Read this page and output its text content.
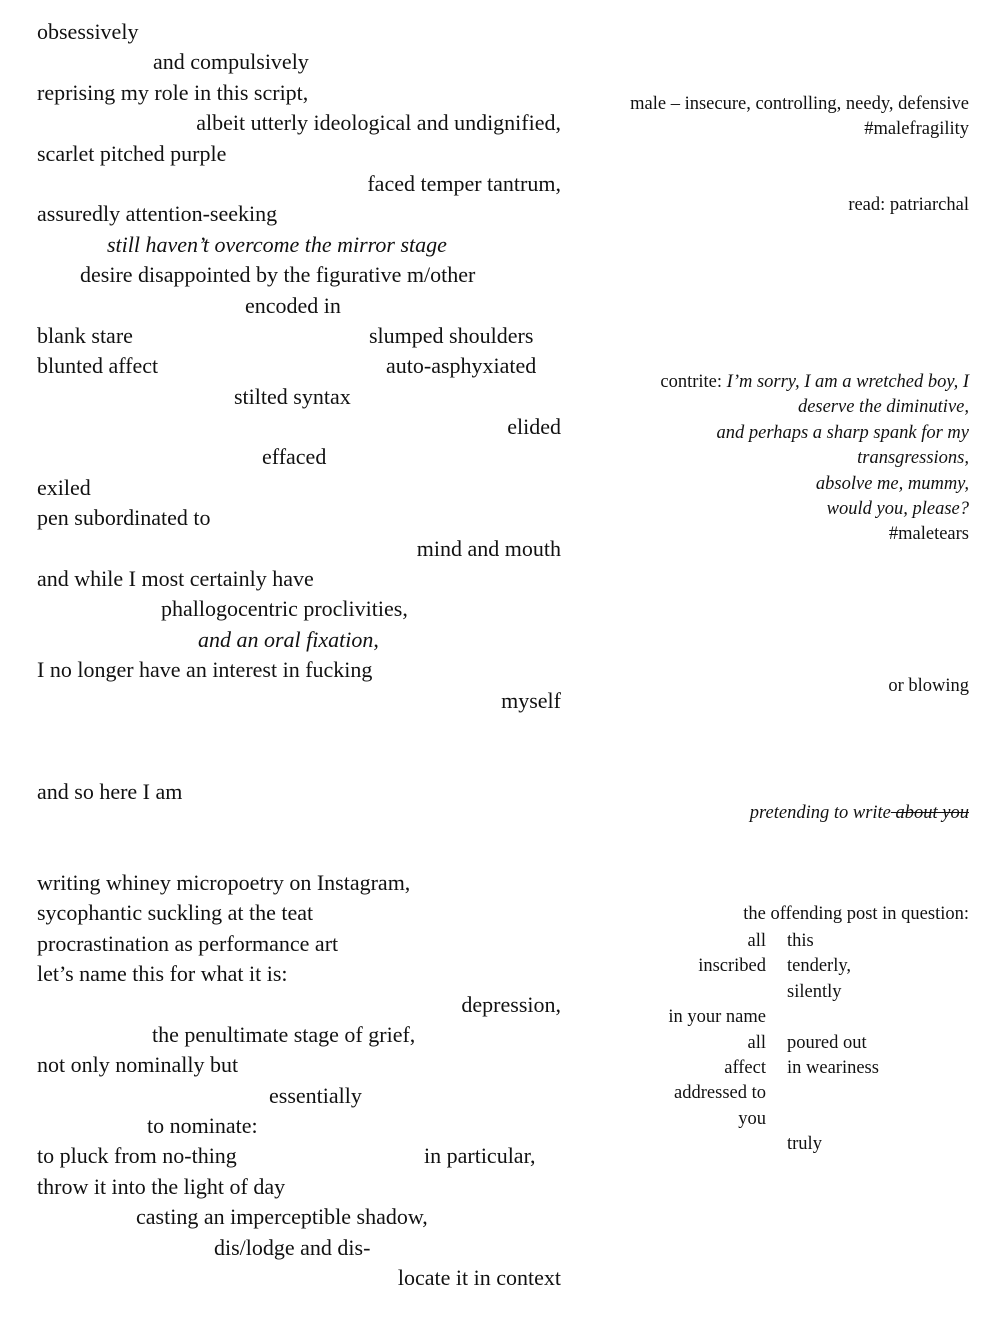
obsessively
and compulsively
reprising my role in this script,
albeit utterly ideological and undignified,
scarlet pitched purple
faced temper tantrum,
assuredly attention-seeking
still haven’t overcome the mirror stage
desire disappointed by the figurative m/other
encoded in
blank stare	slumped shoulders
blunted affect	auto-asphyxiated
stilted syntax
elided
effaced
exiled
pen subordinated to
mind and mouth
and while I most certainly have
phallogocentric proclivities,
and an oral fixation,
I no longer have an interest in fucking
myself
and so here I am
writing whiney micropoetry on Instagram,
sycophantic suckling at the teat
procrastination as performance art
let’s name this for what it is:
depression,
the penultimate stage of grief,
not only nominally but
essentially
to nominate:
to pluck from no-thing	in particular,
throw it into the light of day
casting an imperceptible shadow,
dis/lodge and dis-
locate it in context
male – insecure, controlling, needy, defensive
#malefragility
read: patriarchal
contrite: I’m sorry, I am a wretched boy, I
deserve the diminutive,
and perhaps a sharp spank for my
transgressions,
absolve me, mummy,
would you, please?
#maletears
or blowing
pretending to write about you
the offending post in question:
all this
inscribed tenderly,
silently
in your name
all poured out
affect in weariness
addressed to
you
truly
